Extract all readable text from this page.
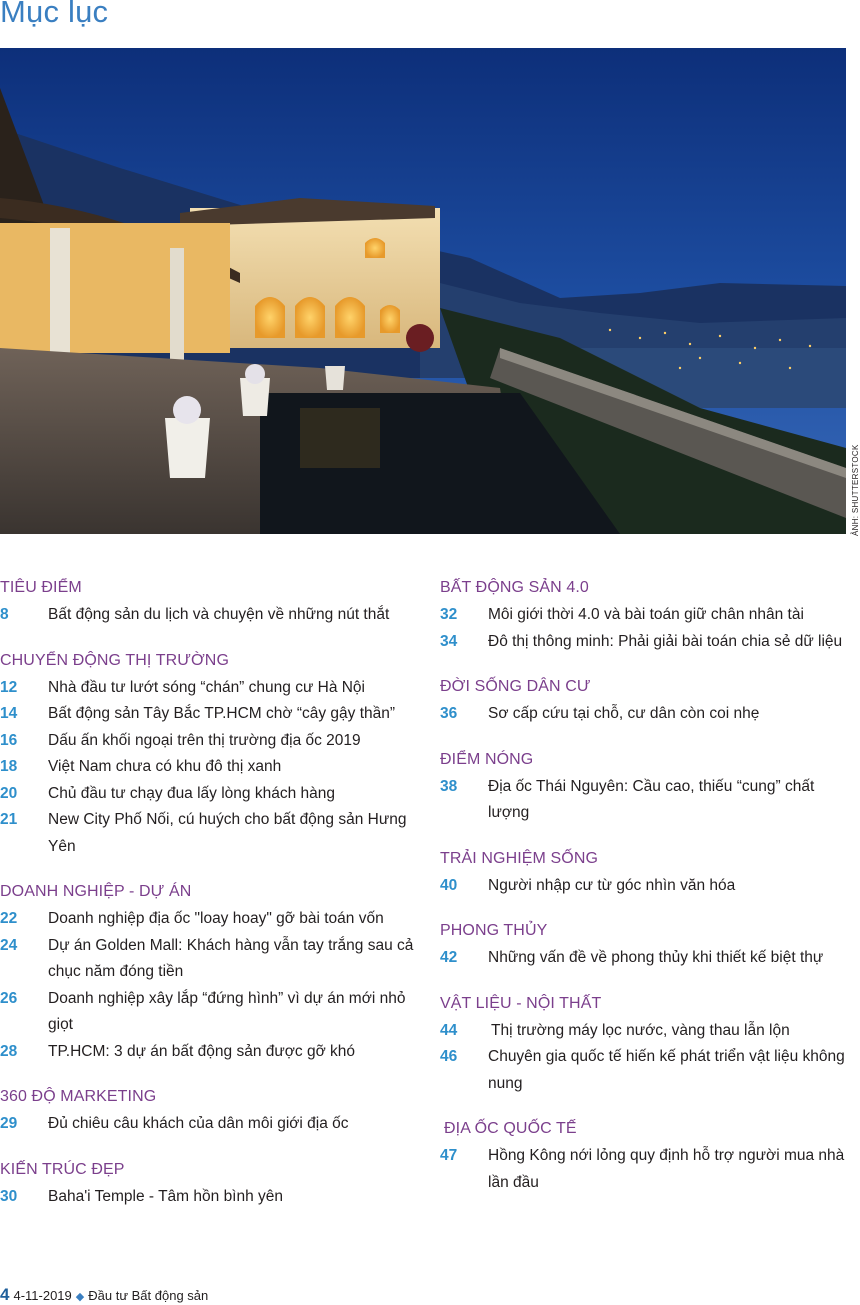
Mục lục
ẢNH: SHUTTERSTOCK
TIÊU ĐIỂM
8	Bất động sản du lịch và chuyện về những nút thắt
CHUYỂN ĐỘNG THỊ TRƯỜNG
12	Nhà đầu tư lướt sóng “chán” chung cư Hà Nội
14	Bất động sản Tây Bắc TP.HCM chờ “cây gậy thần”
16	Dấu ấn khối ngoại trên thị trường địa ốc 2019
18	Việt Nam chưa có khu đô thị xanh
20	Chủ đầu tư chạy đua lấy lòng khách hàng
21	New City Phố Nối, cú huých cho bất động sản Hưng Yên
DOANH NGHIỆP - DỰ ÁN
22	Doanh nghiệp địa ốc "loay hoay" gỡ bài toán vốn
24	Dự án Golden Mall: Khách hàng vẫn tay trắng sau cả chục năm đóng tiền
26	Doanh nghiệp xây lắp “đứng hình” vì dự án mới nhỏ giọt
28	TP.HCM: 3 dự án bất động sản được gỡ khó
360 ĐỘ MARKETING
29	Đủ chiêu câu khách của dân môi giới địa ốc
KIẾN TRÚC ĐẸP
30	Baha'i Temple - Tâm hồn bình yên
BẤT ĐỘNG SẢN 4.0
32	Môi giới thời 4.0 và bài toán giữ chân nhân tài
34	Đô thị thông minh: Phải giải bài toán chia sẻ dữ liệu
ĐỜI SỐNG DÂN CƯ
36	Sơ cấp cứu tại chỗ, cư dân còn coi nhẹ
ĐIỂM NÓNG
38	Địa ốc Thái Nguyên: Cầu cao, thiếu “cung” chất lượng
TRẢI NGHIỆM SỐNG
40	Người nhập cư từ góc nhìn văn hóa
PHONG THỦY
42	Những vấn đề về phong thủy khi thiết kế biệt thự
VẬT LIỆU - NỘI THẤT
44	Thị trường máy lọc nước, vàng thau lẫn lộn
46	Chuyên gia quốc tế hiến kế phát triển vật liệu không nung
ĐỊA ỐC QUỐC TẾ
47	Hồng Kông nới lỏng quy định hỗ trợ người mua nhà lần đầu
4 4-11-2019 ◆ Đầu tư Bất động sản
